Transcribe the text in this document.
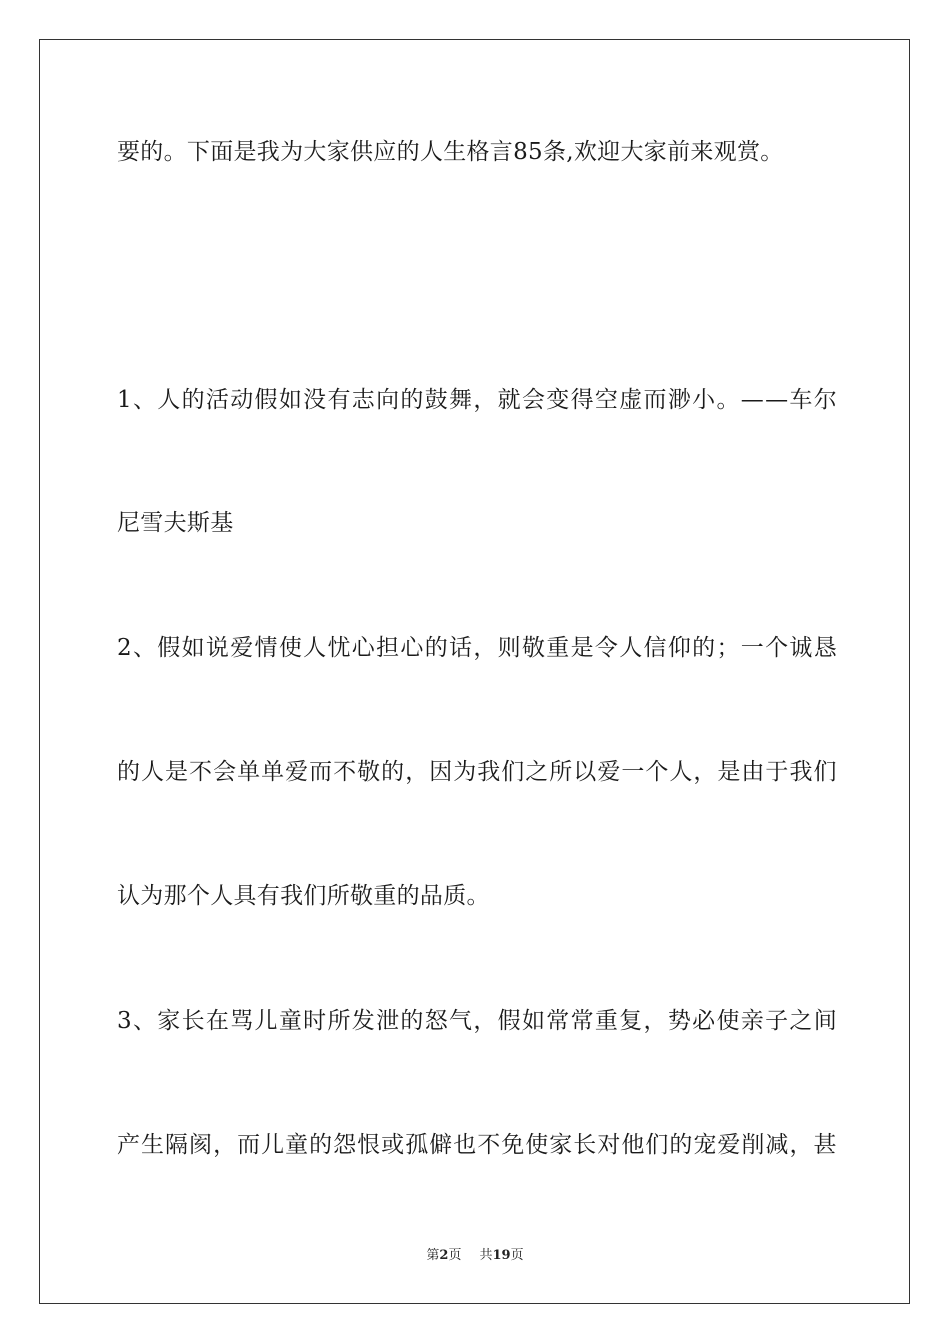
要的。下面是我为大家供应的人生格言85条,欢迎大家前来观赏。
1 、 人 的 活 动 假 如 没 有 志 向 的 鼓 舞 ， 就 会 变 得 空 虚 而 渺 小 。 — — 车 尔
尼雪夫斯基
2 、 假 如 说 爱 情 使 人 忧 心 担 心 的 话 ， 则 敬 重 是 令 人 信 仰 的 ； 一 个 诚 恳
的 人 是 不 会 单 单 爱 而 不 敬 的 ， 因 为 我 们 之 所 以 爱 一 个 人 ， 是 由 于 我 们
认为那个人具有我们所敬重的品质。
3 、 家 长 在 骂 儿 童 时 所 发 泄 的 怒 气 ， 假 如 常 常 重 复 ， 势 必 使 亲 子 之 间
产 生 隔 阂 ， 而 儿 童 的 怨 恨 或 孤 僻 也 不 免 使 家 长 对 他 们 的 宠 爱 削 减 ， 甚
第2页 共19页
